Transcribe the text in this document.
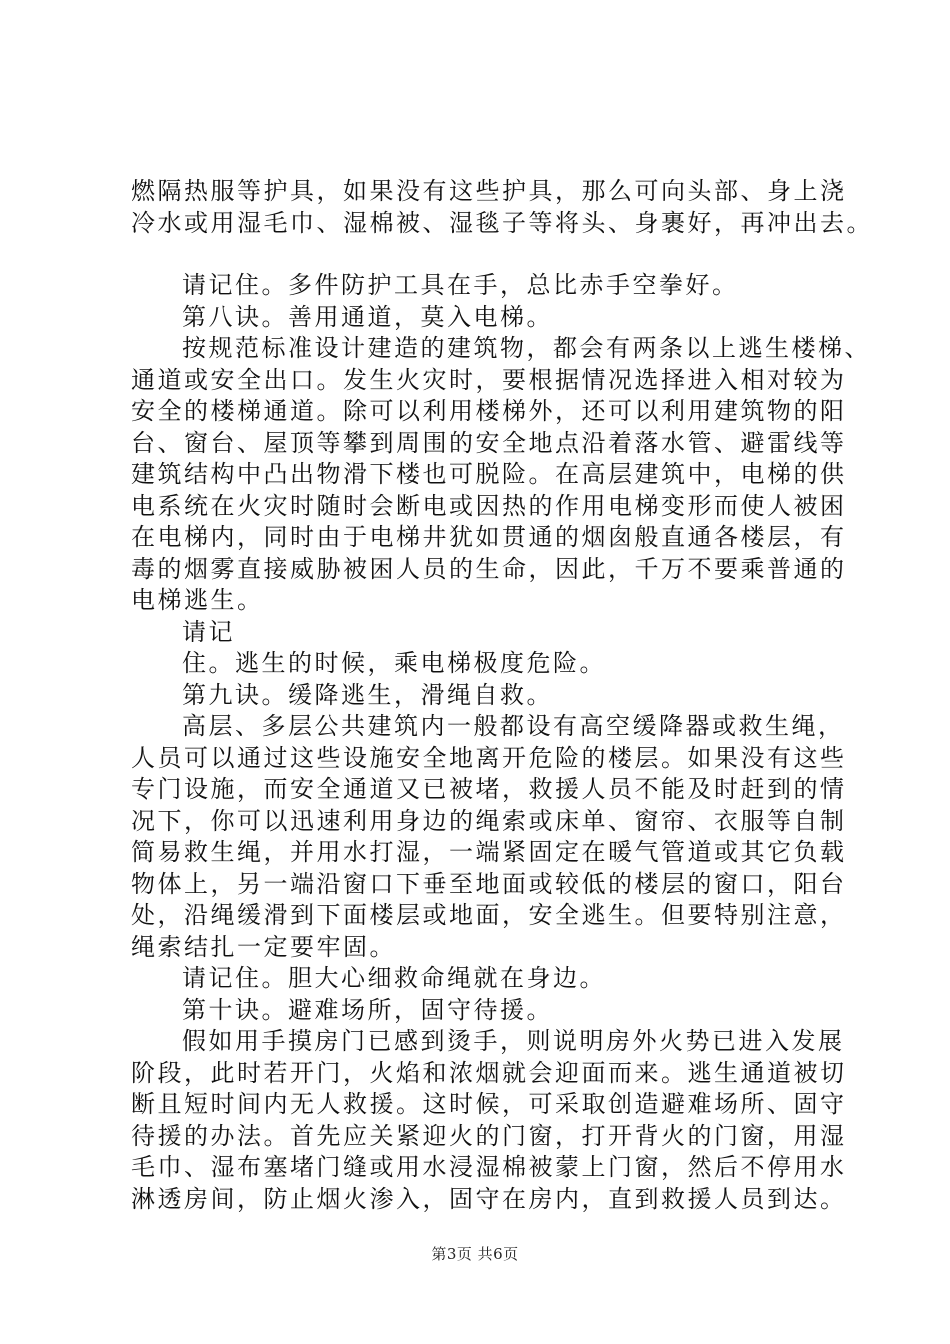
燃隔热服等护具，如果没有这些护具，那么可向头部、身上浇

冷水或用湿毛巾、湿棉被、湿毯子等将头、身裹好，再冲出去。

请记住。多件防护工具在手，总比赤手空拳好。

第八诀。善用通道，莫入电梯。

按规范标准设计建造的建筑物，都会有两条以上逃生楼梯、

通道或安全出口。发生火灾时，要根据情况选择进入相对较为

安全的楼梯通道。除可以利用楼梯外，还可以利用建筑物的阳

台、窗台、屋顶等攀到周围的安全地点沿着落水管、避雷线等

建筑结构中凸出物滑下楼也可脱险。在高层建筑中，电梯的供

电系统在火灾时随时会断电或因热的作用电梯变形而使人被困

在电梯内，同时由于电梯井犹如贯通的烟囱般直通各楼层，有

毒的烟雾直接威胁被困人员的生命，因此，千万不要乘普通的

电梯逃生。

请记

住。逃生的时候，乘电梯极度危险。

第九诀。缓降逃生，滑绳自救。

高层、多层公共建筑内一般都设有高空缓降器或救生绳，

人员可以通过这些设施安全地离开危险的楼层。如果没有这些

专门设施，而安全通道又已被堵，救援人员不能及时赶到的情

况下，你可以迅速利用身边的绳索或床单、窗帘、衣服等自制

简易救生绳，并用水打湿，一端紧固定在暖气管道或其它负载

物体上，另一端沿窗口下垂至地面或较低的楼层的窗口，阳台

处，沿绳缓滑到下面楼层或地面，安全逃生。但要特别注意，

绳索结扎一定要牢固。

请记住。胆大心细救命绳就在身边。

第十诀。避难场所，固守待援。

假如用手摸房门已感到烫手，则说明房外火势已进入发展

阶段，此时若开门，火焰和浓烟就会迎面而来。逃生通道被切

断且短时间内无人救援。这时候，可采取创造避难场所、固守

待援的办法。首先应关紧迎火的门窗，打开背火的门窗，用湿

毛巾、湿布塞堵门缝或用水浸湿棉被蒙上门窗，然后不停用水

淋透房间，防止烟火渗入，固守在房内，直到救援人员到达。

第3页 共6页
